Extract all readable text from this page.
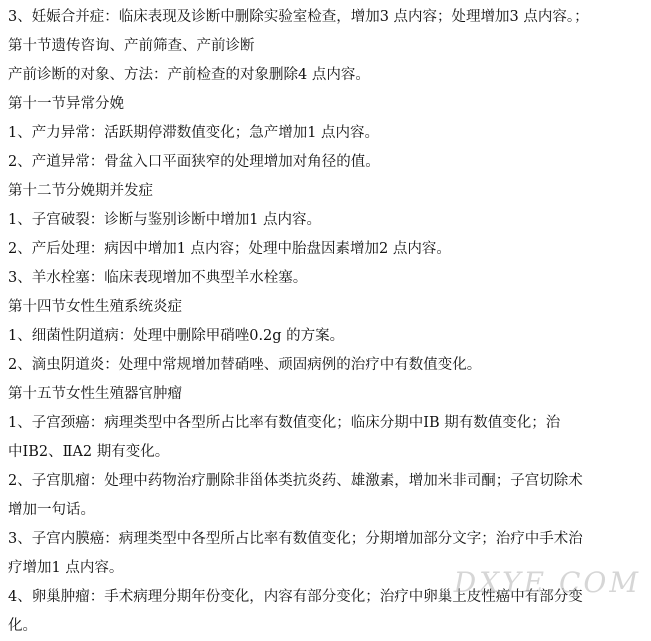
3、妊娠合并症：临床表现及诊断中删除实验室检查，增加3 点内容；处理增加3 点内容。；
第十节遗传咨询、产前筛查、产前诊断
产前诊断的对象、方法：产前检查的对象删除4 点内容。
第十一节异常分娩
1、产力异常：活跃期停滞数值变化；急产增加1 点内容。
2、产道异常：骨盆入口平面狭窄的处理增加对角径的值。
第十二节分娩期并发症
1、子宫破裂：诊断与鉴别诊断中增加1 点内容。
2、产后处理：病因中增加1 点内容；处理中胎盘因素增加2 点内容。
3、羊水栓塞：临床表现增加不典型羊水栓塞。
第十四节女性生殖系统炎症
1、细菌性阴道病：处理中删除甲硝唑0.2g 的方案。
2、滴虫阴道炎：处理中常规增加替硝唑、顽固病例的治疗中有数值变化。
第十五节女性生殖器官肿瘤
1、子宫颈癌：病理类型中各型所占比率有数值变化；临床分期中ⅠB 期有数值变化；治
中ⅠB2、ⅡA2 期有变化。
2、子宫肌瘤：处理中药物治疗删除非甾体类抗炎药、雄激素，增加米非司酮；子宫切除术
增加一句话。
3、子宫内膜癌：病理类型中各型所占比率有数值变化；分期增加部分文字；治疗中手术治
疗增加1 点内容。
4、卵巢肿瘤：手术病理分期年份变化，内容有部分变化；治疗中卵巢上皮性癌中有部分变
化。
DXYE.COM
